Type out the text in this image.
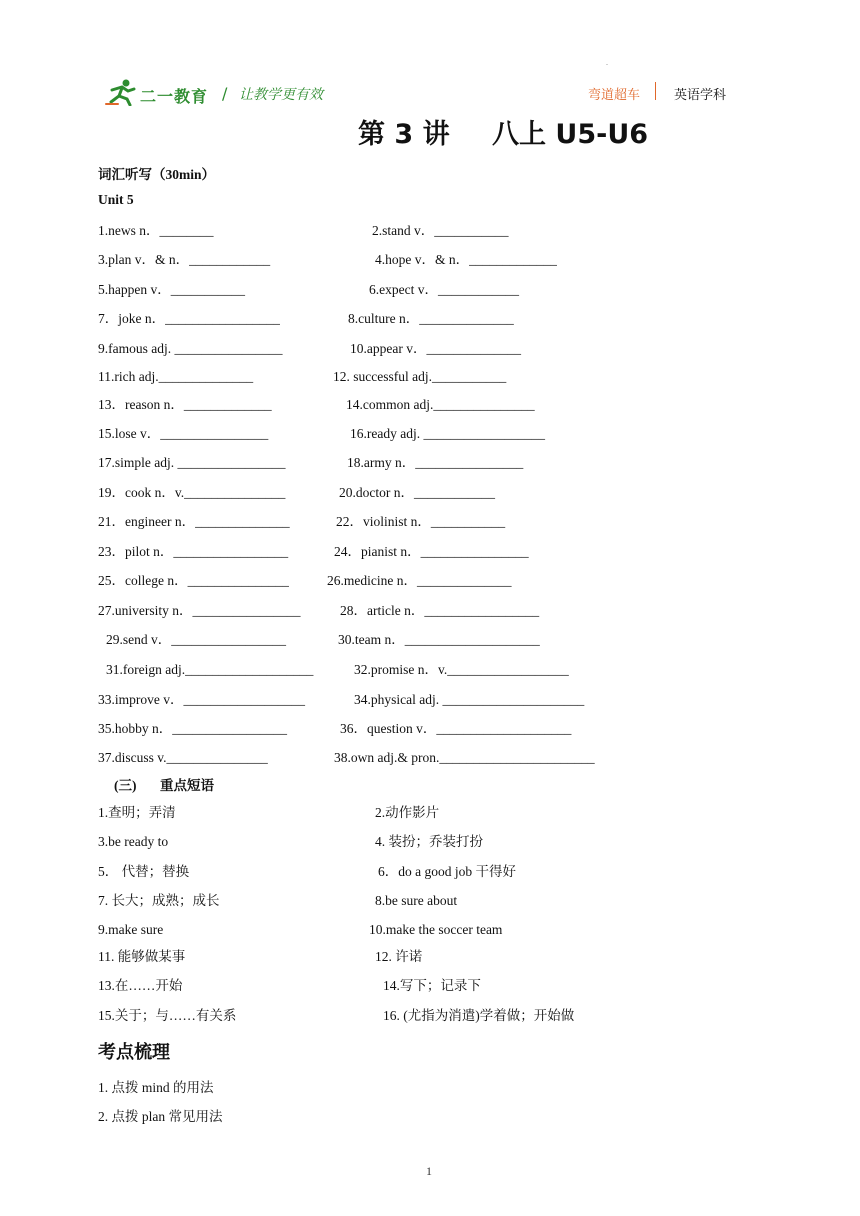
二一教育 / 让教学更有效
.
弯道超车	英语学科
第 3 讲 八上 U5-U6
词汇听写（30min）
Unit 5
1.news n．________	2.stand v．___________
3.plan v．& n．____________	4.hope v．& n．_____________
5.happen v．___________	6.expect v．____________
7．joke n．_________________	8.culture n．______________
9.famous adj. ________________	10.appear v．______________
11.rich adj.______________	12. successful adj.___________
13．reason n．_____________	14.common adj._______________
15.lose v．________________	16.ready adj. __________________
17.simple adj. ________________	18.army n．________________
19．cook n．v._______________	20.doctor n．____________
21．engineer n．______________	22．violinist n．___________
23．pilot n．_________________	24．pianist n．________________
25．college n．_______________	26.medicine n．______________
27.university n．________________	28．article n．_________________
29.send v．_________________	30.team n．____________________
31.foreign adj.___________________	32.promise n．v.__________________
33.improve v．__________________	34.physical adj. _____________________
35.hobby n．_________________	36．question v．____________________
37.discuss v._______________	38.own adj.& pron._______________________
(三) 重点短语
1.查明；弄清	2.动作影片
3.be ready to	4. 装扮；乔装打扮
5． 代替；替换	6．do a good job 干得好
7. 长大；成熟；成长	8.be sure about
9.make sure	10.make the soccer team
11. 能够做某事	12. 许诺
13.在……开始	14.写下；记录下
15.关于；与……有关系	16. (尤指为消遣)学着做；开始做
考点梳理
1. 点拨 mind 的用法
2. 点拨 plan 常见用法
1
